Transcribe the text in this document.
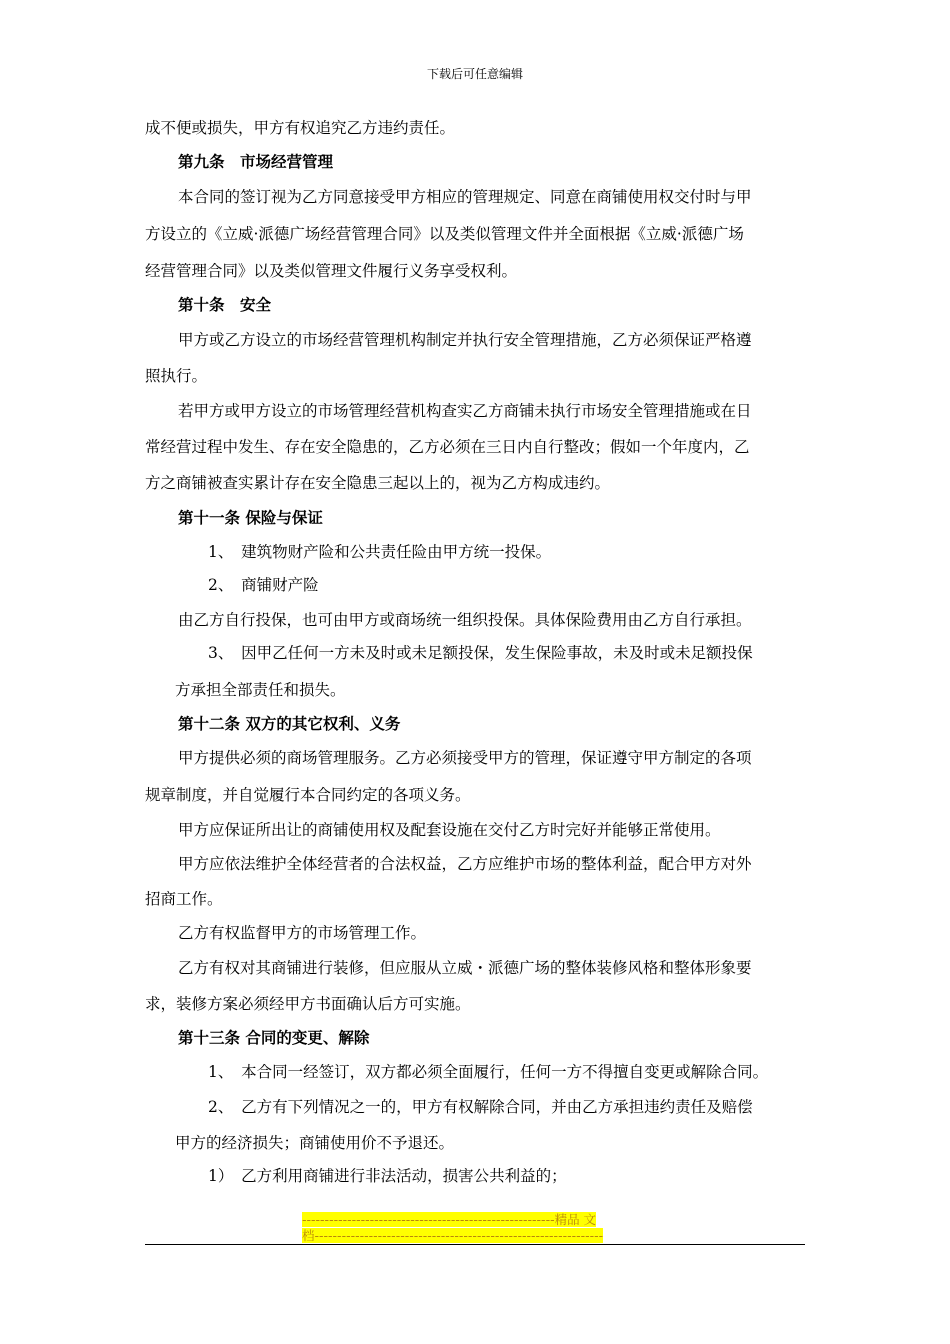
下载后可任意编辑
成不便或损失，甲方有权追究乙方违约责任。
第九条　市场经营管理
本合同的签订视为乙方同意接受甲方相应的管理规定、同意在商铺使用权交付时与甲
方设立的《立威·派德广场经营管理合同》以及类似管理文件并全面根据《立威·派德广场
经营管理合同》以及类似管理文件履行义务享受权利。
第十条　安全
甲方或乙方设立的市场经营管理机构制定并执行安全管理措施，乙方必须保证严格遵
照执行。
若甲方或甲方设立的市场管理经营机构查实乙方商铺未执行市场安全管理措施或在日
常经营过程中发生、存在安全隐患的，乙方必须在三日内自行整改；假如一个年度内，乙
方之商铺被查实累计存在安全隐患三起以上的，视为乙方构成违约。
第十一条 保险与保证
1、　建筑物财产险和公共责任险由甲方统一投保。
2、　商铺财产险
由乙方自行投保，也可由甲方或商场统一组织投保。具体保险费用由乙方自行承担。
3、　因甲乙任何一方未及时或未足额投保，发生保险事故，未及时或未足额投保
方承担全部责任和损失。
第十二条 双方的其它权利、义务
甲方提供必须的商场管理服务。乙方必须接受甲方的管理，保证遵守甲方制定的各项
规章制度，并自觉履行本合同约定的各项义务。
甲方应保证所出让的商铺使用权及配套设施在交付乙方时完好并能够正常使用。
甲方应依法维护全体经营者的合法权益，乙方应维护市场的整体利益，配合甲方对外
招商工作。
乙方有权监督甲方的市场管理工作。
乙方有权对其商铺进行装修，但应服从立威・派德广场的整体装修风格和整体形象要
求，装修方案必须经甲方书面确认后方可实施。
第十三条 合同的变更、解除
1、　本合同一经签订，双方都必须全面履行，任何一方不得擅自变更或解除合同。
2、　乙方有下列情况之一的，甲方有权解除合同，并由乙方承担违约责任及赔偿
甲方的经济损失；商铺使用价不予退还。
1）　乙方利用商铺进行非法活动，损害公共利益的；
--------------------------------------------------------精品 文
档----------------------------------------------------------------
